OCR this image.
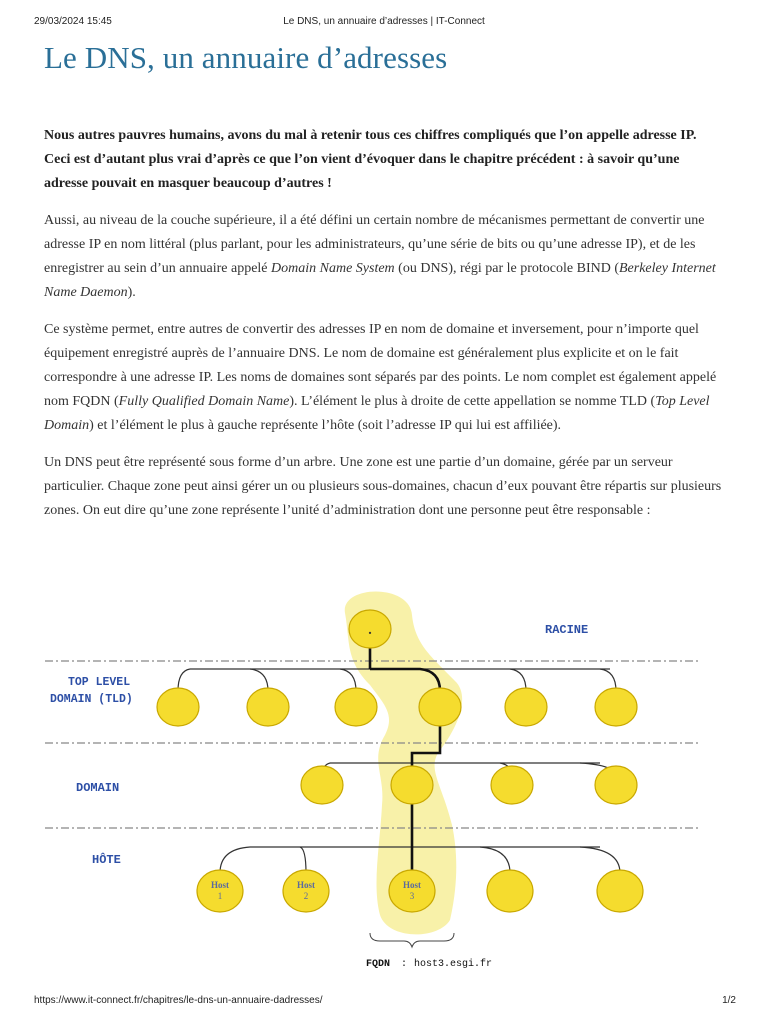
29/03/2024 15:45	Le DNS, un annuaire d’adresses | IT-Connect
Le DNS, un annuaire d’adresses

Nous autres pauvres humains, avons du mal à retenir tous ces chiffres compliqués que l’on appelle adresse IP. Ceci est d’autant plus vrai d’après ce que l’on vient d’évoquer dans le chapitre précédent : à savoir qu’une adresse pouvait en masquer beaucoup d’autres !

Aussi, au niveau de la couche supérieure, il a été défini un certain nombre de mécanismes permettant de convertir une adresse IP en nom littéral (plus parlant, pour les administrateurs, qu’une série de bits ou qu’une adresse IP), et de les enregistrer au sein d’un annuaire appelé Domain Name System (ou DNS), régi par le protocole BIND (Berkeley Internet Name Daemon).

Ce système permet, entre autres de convertir des adresses IP en nom de domaine et inversement, pour n’importe quel équipement enregistré auprès de l’annuaire DNS. Le nom de domaine est généralement plus explicite et on le fait correspondre à une adresse IP. Les noms de domaines sont séparés par des points. Le nom complet est également appelé nom FQDN (Fully Qualified Domain Name). L’élément le plus à droite de cette appellation se nomme TLD (Top Level Domain) et l’élément le plus à gauche représente l’hôte (soit l’adresse IP qui lui est affiliée).

Un DNS peut être représenté sous forme d’un arbre. Une zone est une partie d’un domaine, gérée par un serveur particulier. Chaque zone peut ainsi gérer un ou plusieurs sous-domaines, chacun d’eux pouvant être répartis sur plusieurs zones. On eut dire qu’une zone représente l’unité d’administration dont une personne peut être responsable :

RACINE
TOP LEVEL
DOMAIN (TLD)
DOMAIN
HÔTE
.
Host
1
Host
2
Host
3
FQDN : host3.esgi.fr
https://www.it-connect.fr/chapitres/le-dns-un-annuaire-dadresses/	1/2
